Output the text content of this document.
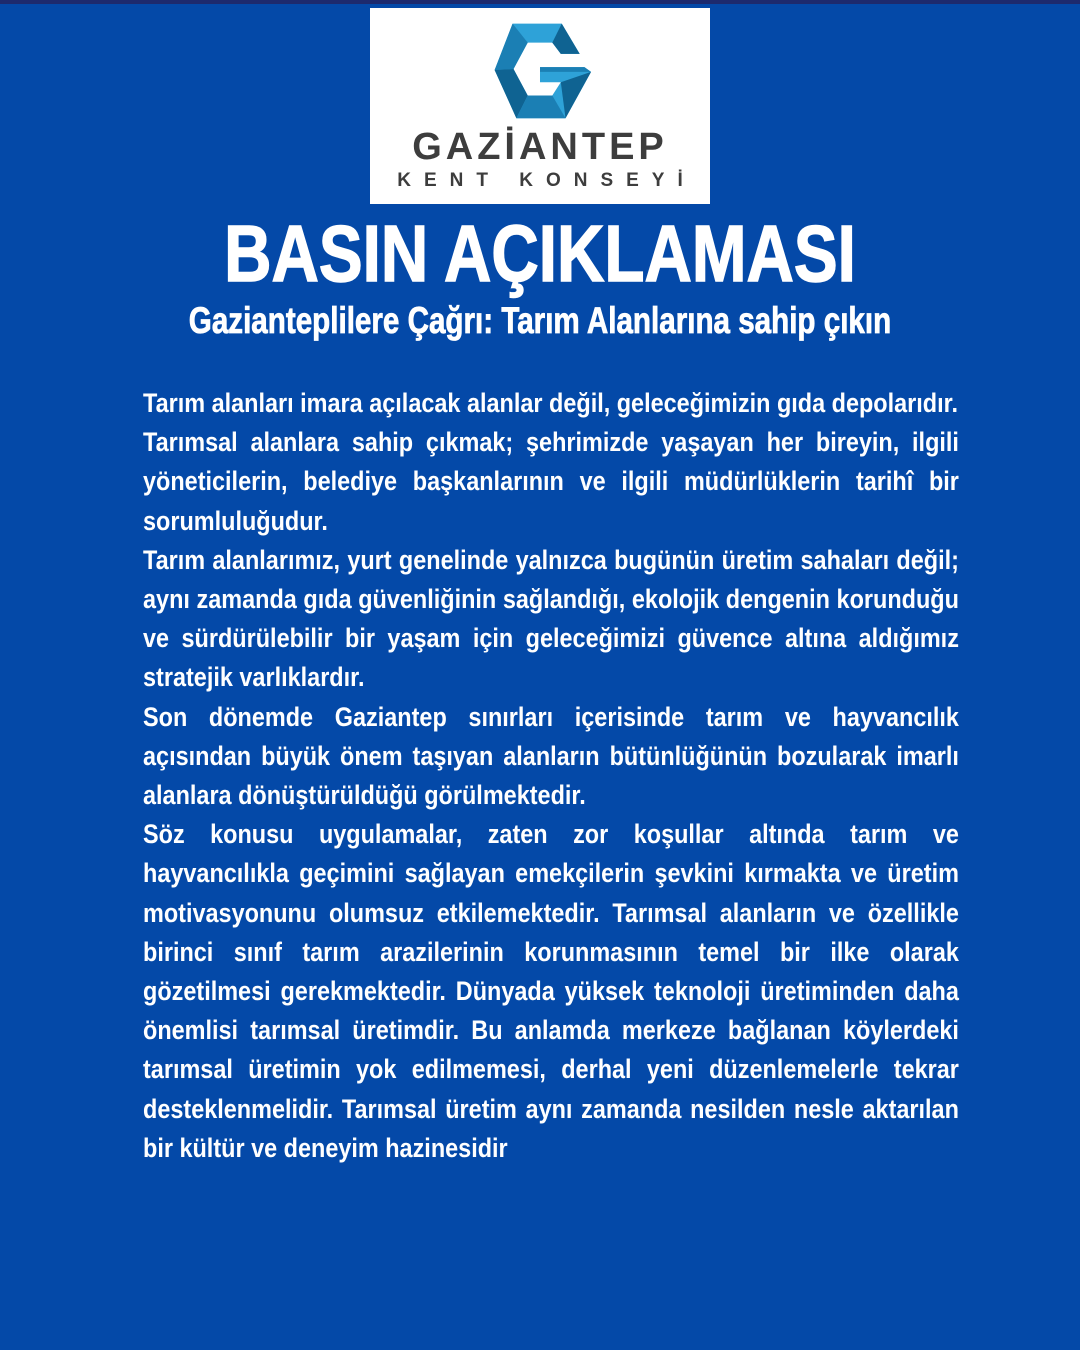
GAZİANTEP
KENT KONSEYİ
BASIN AÇIKLAMASI
Gazianteplilere Çağrı: Tarım Alanlarına sahip çıkın

Tarım alanları imara açılacak alanlar değil, geleceğimizin gıda depolarıdır.

Tarımsal alanlara sahip çıkmak; şehrimizde yaşayan her bireyin, ilgili yöneticilerin, belediye başkanlarının ve ilgili müdürlüklerin tarihî bir sorumluluğudur.

Tarım alanlarımız, yurt genelinde yalnızca bugünün üretim sahaları değil; aynı zamanda gıda güvenliğinin sağlandığı, ekolojik dengenin korunduğu ve sürdürülebilir bir yaşam için geleceğimizi güvence altına aldığımız stratejik varlıklardır.

Son dönemde Gaziantep sınırları içerisinde tarım ve hayvancılık açısından büyük önem taşıyan alanların bütünlüğünün bozularak imarlı alanlara dönüştürüldüğü görülmektedir.

Söz konusu uygulamalar, zaten zor koşullar altında tarım ve hayvancılıkla geçimini sağlayan emekçilerin şevkini kırmakta ve üretim motivasyonunu olumsuz etkilemektedir. Tarımsal alanların ve özellikle birinci sınıf tarım arazilerinin korunmasının temel bir ilke olarak gözetilmesi gerekmektedir. Dünyada yüksek teknoloji üretiminden daha önemlisi tarımsal üretimdir. Bu anlamda merkeze bağlanan köylerdeki tarımsal üretimin yok edilmemesi, derhal yeni düzenlemelerle tekrar desteklenmelidir. Tarımsal üretim aynı zamanda nesilden nesle aktarılan bir kültür ve deneyim hazinesidir
